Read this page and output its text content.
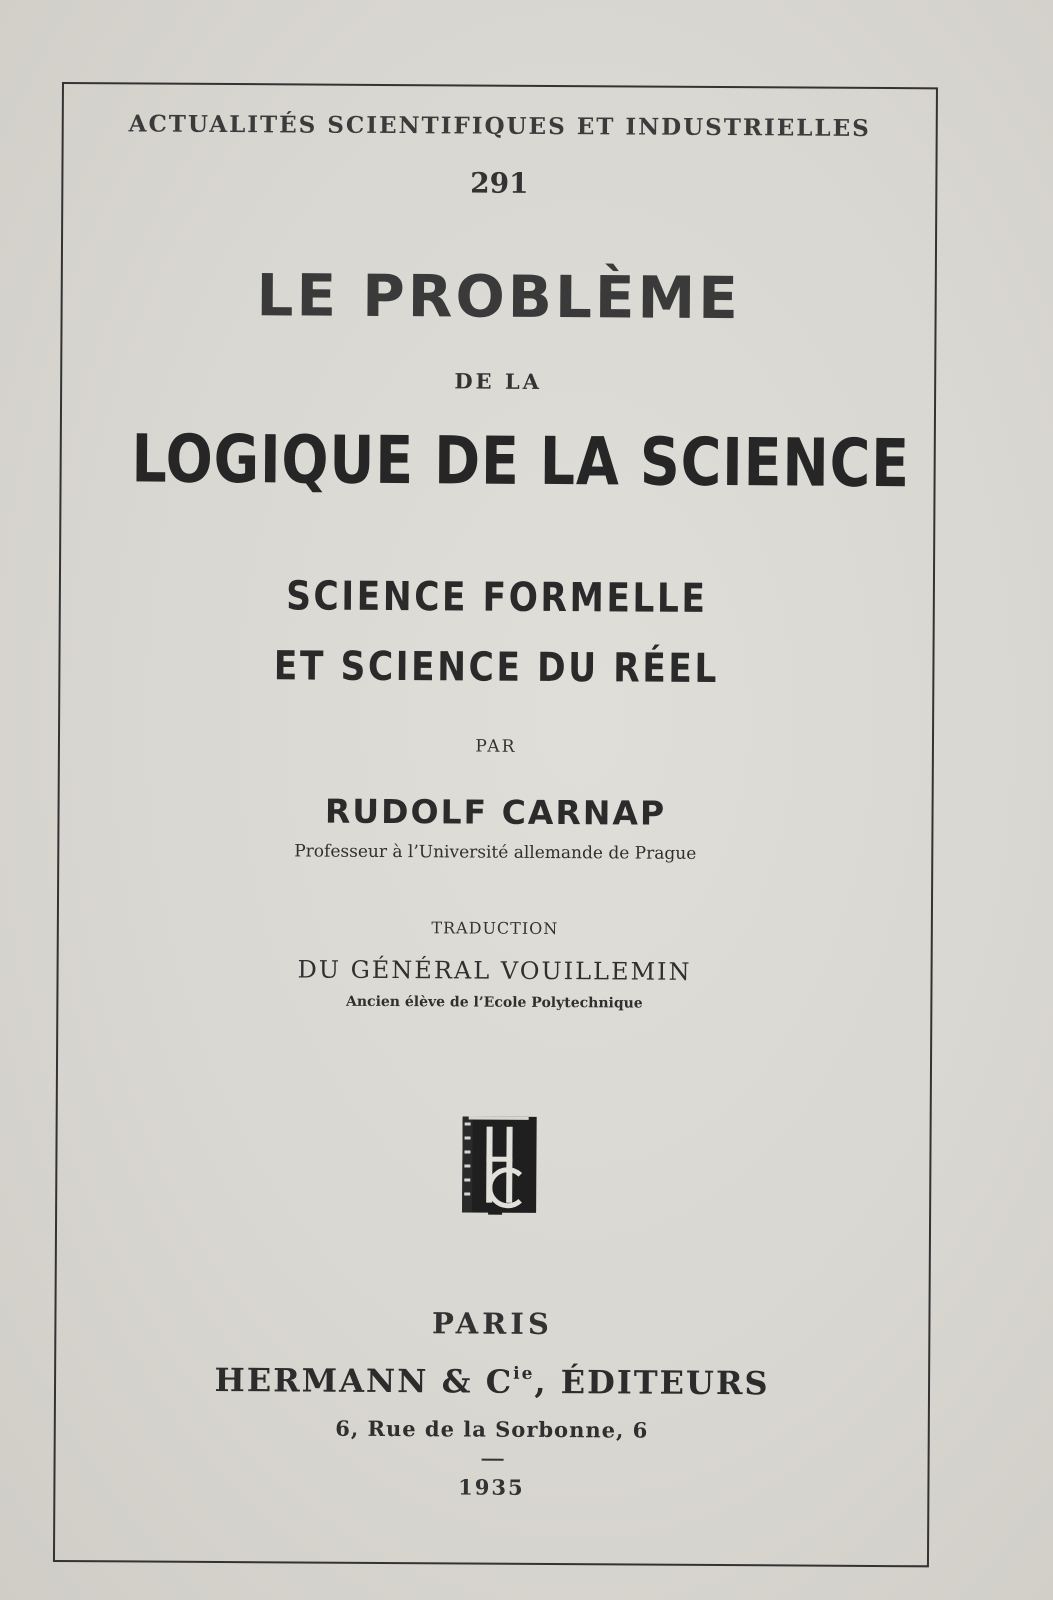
ACTUALITÉS SCIENTIFIQUES ET INDUSTRIELLES
291
LE PROBLÈME
DE LA
LOGIQUE DE LA SCIENCE
SCIENCE FORMELLE
ET SCIENCE DU RÉEL
PAR
RUDOLF CARNAP
Professeur à l’Université allemande de Prague
TRADUCTION
DU GÉNÉRAL VOUILLEMIN
Ancien élève de l’Ecole Polytechnique
PARIS
HERMANN & $C^{ie}$, ÉDITEURS
6, Rue de la Sorbonne, 6
1935
